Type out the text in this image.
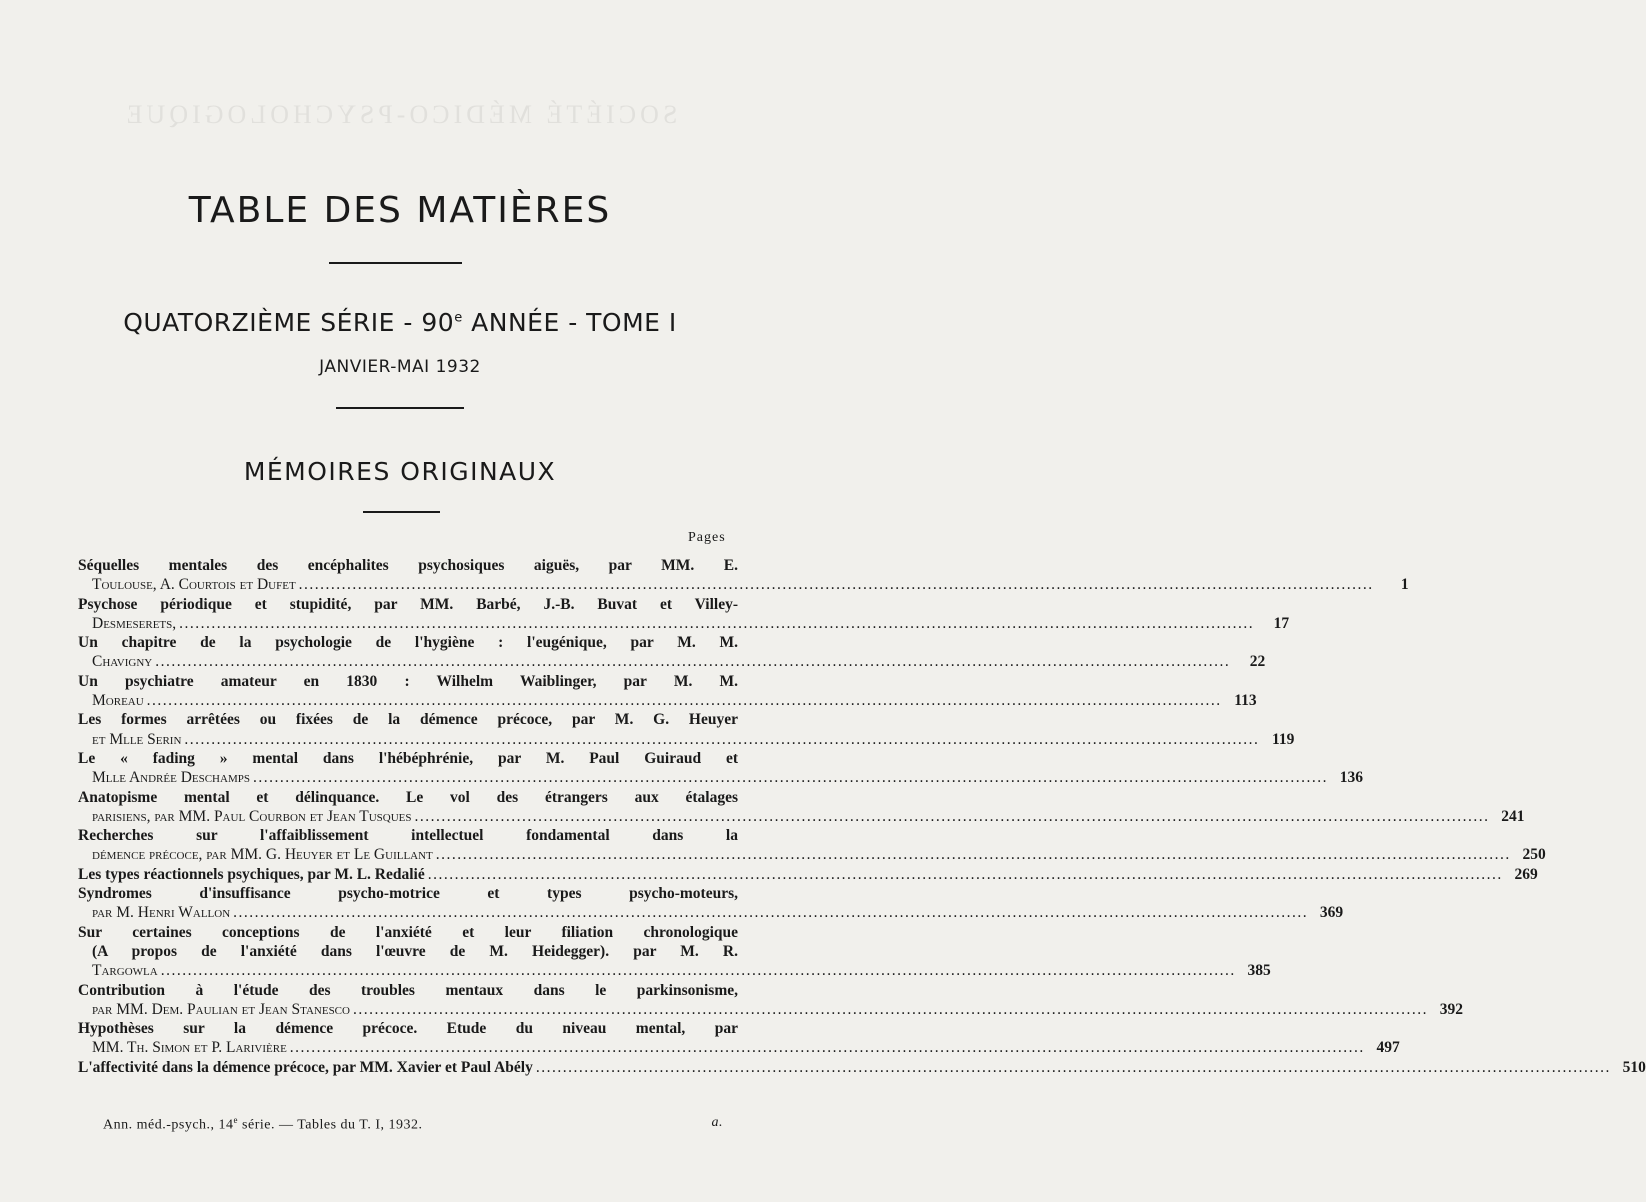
SOCIÉTÉ MÉDICO-PSYCHOLOGIQUE
TABLE DES MATIÈRES
QUATORZIÈME SÉRIE - 90e ANNÉE - TOME I
JANVIER-MAI 1932
MÉMOIRES ORIGINAUX
Pages
Séquelles mentales des encéphalites psychosiques aiguës, par MM. E.
Toulouse, A. Courtois et Dufet ........................................................................................................................................................................................................	1
Psychose périodique et stupidité, par MM. Barbé, J.-B. Buvat et Villey-
Desmeserets, ........................................................................................................................................................................................................	17
Un chapitre de la psychologie de l'hygiène : l'eugénique, par M. M.
Chavigny ........................................................................................................................................................................................................	22
Un psychiatre amateur en 1830 : Wilhelm Waiblinger, par M. M.
Moreau ........................................................................................................................................................................................................ 113
Les formes arrêtées ou fixées de la démence précoce, par M. G. Heuyer
et Mlle Serin ........................................................................................................................................................................................................ 119
Le « fading » mental dans l'hébéphrénie, par M. Paul Guiraud et
Mlle Andrée Deschamps ........................................................................................................................................................................................................ 136
Anatopisme mental et délinquance. Le vol des étrangers aux étalages
parisiens, par MM. Paul Courbon et Jean Tusques ........................................................................................................................................................................................................ 241
Recherches sur l'affaiblissement intellectuel fondamental dans la
démence précoce, par MM. G. Heuyer et Le Guillant ........................................................................................................................................................................................................ 250
Les types réactionnels psychiques, par M. L. Redalié ........................................................................................................................................................................................................ 269
Syndromes d'insuffisance psycho-motrice et types psycho-moteurs,
par M. Henri Wallon ........................................................................................................................................................................................................ 369
Sur certaines conceptions de l'anxiété et leur filiation chronologique
(A propos de l'anxiété dans l'œuvre de M. Heidegger). par M. R.
Targowla ........................................................................................................................................................................................................ 385
Contribution à l'étude des troubles mentaux dans le parkinsonisme,
par MM. Dem. Paulian et Jean Stanesco ........................................................................................................................................................................................................ 392
Hypothèses sur la démence précoce. Etude du niveau mental, par
MM. Th. Simon et P. Larivière ........................................................................................................................................................................................................ 497
L'affectivité dans la démence précoce, par MM. Xavier et Paul Abély ........................................................................................................................................................................................................ 510
Ann. méd.-psych., 14e série. — Tables du T. I, 1932.	a.
